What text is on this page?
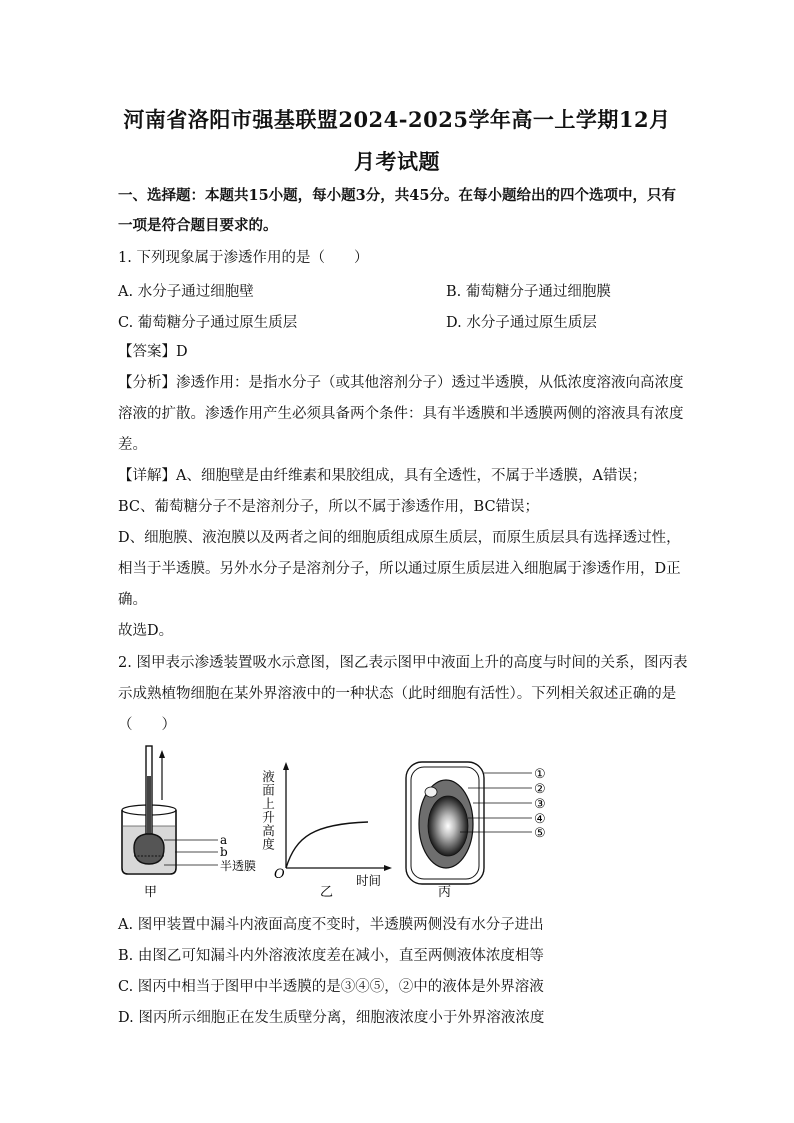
河南省洛阳市强基联盟2024-2025学年高一上学期12月
月考试题
一、选择题：本题共15小题，每小题3分，共45分。在每小题给出的四个选项中，只有
一项是符合题目要求的。
1. 下列现象属于渗透作用的是（　　）
A. 水分子通过细胞壁	B. 葡萄糖分子通过细胞膜
C. 葡萄糖分子通过原生质层	D. 水分子通过原生质层
【答案】D
【分析】渗透作用：是指水分子（或其他溶剂分子）透过半透膜，从低浓度溶液向高浓度
溶液的扩散。渗透作用产生必须具备两个条件：具有半透膜和半透膜两侧的溶液具有浓度
差。
【详解】A、细胞壁是由纤维素和果胶组成，具有全透性，不属于半透膜，A错误；
BC、葡萄糖分子不是溶剂分子，所以不属于渗透作用，BC错误；
D、细胞膜、液泡膜以及两者之间的细胞质组成原生质层，而原生质层具有选择透过性，
相当于半透膜。另外水分子是溶剂分子，所以通过原生质层进入细胞属于渗透作用，D正
确。
故选D。
2. 图甲表示渗透装置吸水示意图，图乙表示图甲中液面上升的高度与时间的关系，图丙表
示成熟植物细胞在某外界溶液中的一种状态（此时细胞有活性）。下列相关叙述正确的是
（　　）
a
b
半透膜
甲
液面上升高度
O	时间
乙
①
②
③
④
⑤
丙
A. 图甲装置中漏斗内液面高度不变时，半透膜两侧没有水分子进出
B. 由图乙可知漏斗内外溶液浓度差在减小，直至两侧液体浓度相等
C. 图丙中相当于图甲中半透膜的是③④⑤，②中的液体是外界溶液
D. 图丙所示细胞正在发生质壁分离，细胞液浓度小于外界溶液浓度
